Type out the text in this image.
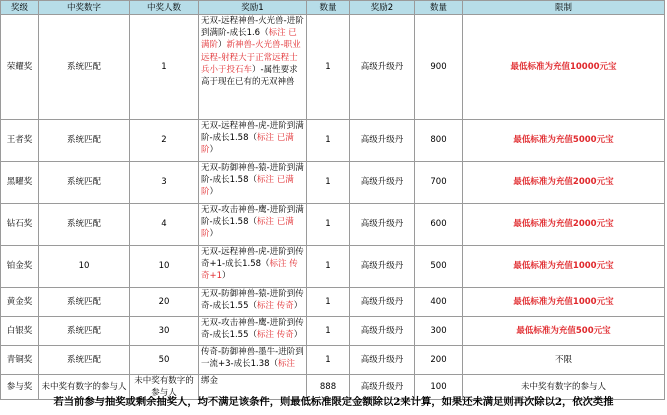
奖级	中奖数字	中奖人数	奖励1	数量	奖励2	数量	限制
荣耀奖	系统匹配	1	无双-远程神兽-火光兽-进阶到满阶-成长1.6（标注 已满阶）新神兽-火光兽-职业远程-射程大于正常远程士兵小于投石车）-属性要求高于现在已有的无双神兽	1	高级升级丹	900	最低标准为充值10000元宝
王者奖	系统匹配	2	无双-远程神兽-虎-进阶到满阶-成长1.58（标注 已满阶）	1	高级升级丹	800	最低标准为充值5000元宝
黑曜奖	系统匹配	3	无双-防御神兽-猿-进阶到满阶-成长1.58（标注 已满阶）	1	高级升级丹	700	最低标准为充值2000元宝
钻石奖	系统匹配	4	无双-攻击神兽-鹰-进阶到满阶-成长1.58（标注 已满阶）	1	高级升级丹	600	最低标准为充值2000元宝
铂金奖	10	10	无双-远程神兽-虎-进阶到传奇+1-成长1.58（标注 传奇+1）	1	高级升级丹	500	最低标准为充值1000元宝
黄金奖	系统匹配	20	无双-防御神兽-猿-进阶到传奇-成长1.55（标注 传奇）	1	高级升级丹	400	最低标准为充值1000元宝
白银奖	系统匹配	30	无双-攻击神兽-鹰-进阶到传奇-成长1.55（标注 传奇）	1	高级升级丹	300	最低标准为充值500元宝
青铜奖	系统匹配	50	传奇-防御神兽-墨牛-进阶到一流+3-成长1.38（标注	1	高级升级丹	200	不限
参与奖	未中奖有数字的参与人	未中奖有数字的参与人	绑金	888	高级升级丹	100	未中奖有数字的参与人
若当前参与抽奖或剩余抽奖人，均不满足该条件，则最低标准限定金额除以2来计算，如果还未满足则再次除以2，依次类推
